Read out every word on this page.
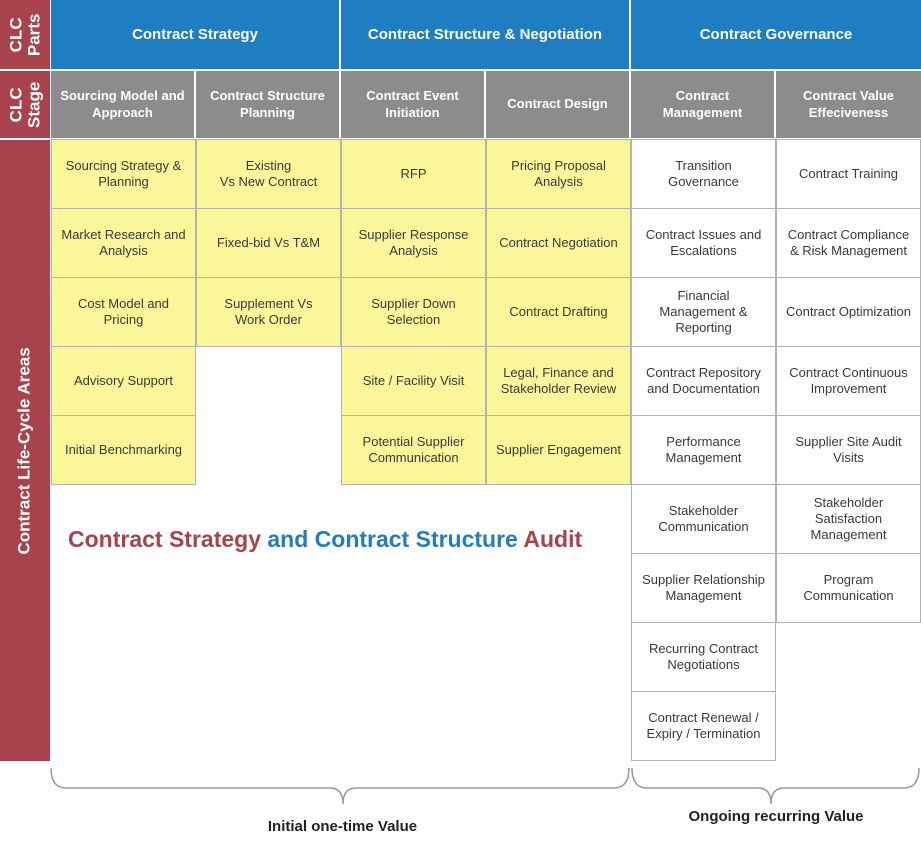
CLC
Parts
CLC
Stage
Contract Life-Cycle Areas
Contract Strategy	Contract Structure & Negotiation	Contract Governance
Sourcing Model and Approach
Contract Structure Planning
Contract Event Initiation
Contract Design
Contract Management
Contract Value Effeciveness
Sourcing Strategy & Planning
Market Research and Analysis
Cost Model and Pricing
Advisory Support
Initial Benchmarking
Existing
Vs New Contract
Fixed-bid Vs T&M
Supplement Vs
Work Order
RFP
Supplier Response Analysis
Supplier Down Selection
Site / Facility Visit
Potential Supplier Communication
Pricing Proposal Analysis
Contract Negotiation
Contract Drafting
Legal, Finance and Stakeholder Review
Supplier Engagement
Transition Governance
Contract Issues and Escalations
Financial Management & Reporting
Contract Repository and Documentation
Performance Management
Stakeholder Communication
Supplier Relationship Management
Recurring Contract Negotiations
Contract Renewal / Expiry / Termination
Contract Training
Contract Compliance & Risk Management
Contract Optimization
Contract Continuous Improvement
Supplier Site Audit Visits
Stakeholder Satisfaction Management
Program Communication
Contract Strategy and Contract Structure Audit
Initial one-time Value
Ongoing recurring Value
